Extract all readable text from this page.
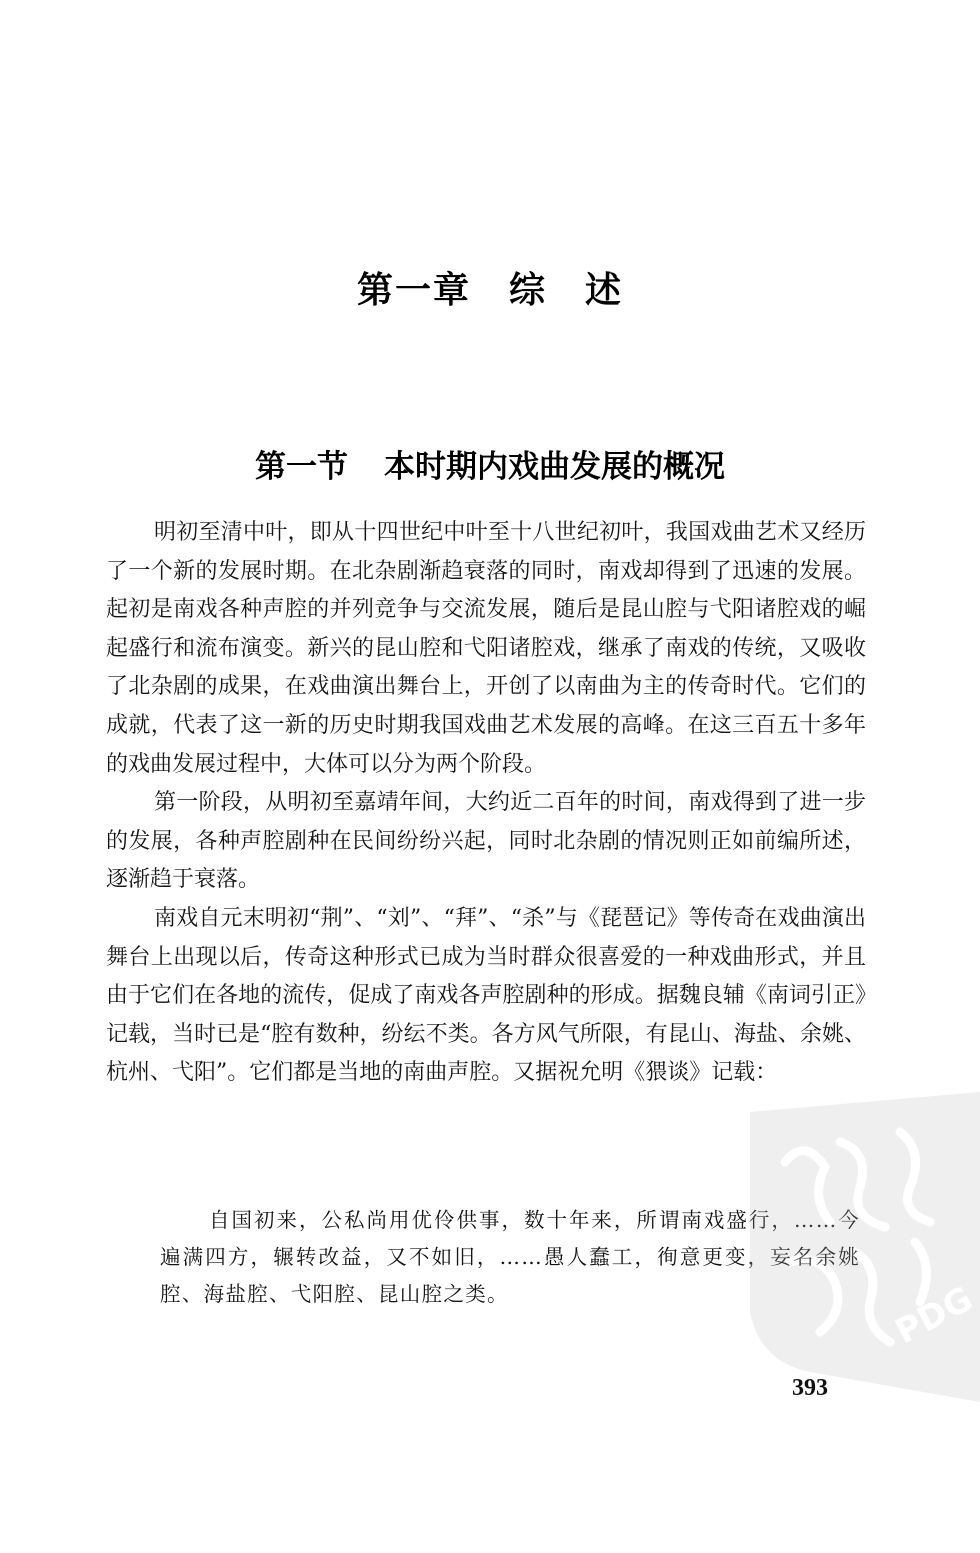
第一章　综　述
第一节 本时期内戏曲发展的概况

明初至清中叶，即从十四世纪中叶至十八世纪初叶，我国戏曲艺术又经历了一个新的发展时期。在北杂剧渐趋衰落的同时，南戏却得到了迅速的发展。起初是南戏各种声腔的并列竞争与交流发展，随后是昆山腔与弋阳诸腔戏的崛起盛行和流布演变。新兴的昆山腔和弋阳诸腔戏，继承了南戏的传统，又吸收了北杂剧的成果，在戏曲演出舞台上，开创了以南曲为主的传奇时代。它们的成就，代表了这一新的历史时期我国戏曲艺术发展的高峰。在这三百五十多年的戏曲发展过程中，大体可以分为两个阶段。

第一阶段，从明初至嘉靖年间，大约近二百年的时间，南戏得到了进一步的发展，各种声腔剧种在民间纷纷兴起，同时北杂剧的情况则正如前编所述，逐渐趋于衰落。

南戏自元末明初“荆”、“刘”、“拜”、“杀”与《琵琶记》等传奇在戏曲演出舞台上出现以后，传奇这种形式已成为当时群众很喜爱的一种戏曲形式，并且由于它们在各地的流传，促成了南戏各声腔剧种的形成。据魏良辅《南词引正》记载，当时已是“腔有数种，纷纭不类。各方风气所限，有昆山、海盐、余姚、杭州、弋阳”。它们都是当地的南曲声腔。又据祝允明《猥谈》记载：

自国初来，公私尚用优伶供事，数十年来，所谓南戏盛行，……今遍满四方，辗转改益，又不如旧，……愚人蠢工，徇意更变，妄名余姚腔、海盐腔、弋阳腔、昆山腔之类。	PDG
393
